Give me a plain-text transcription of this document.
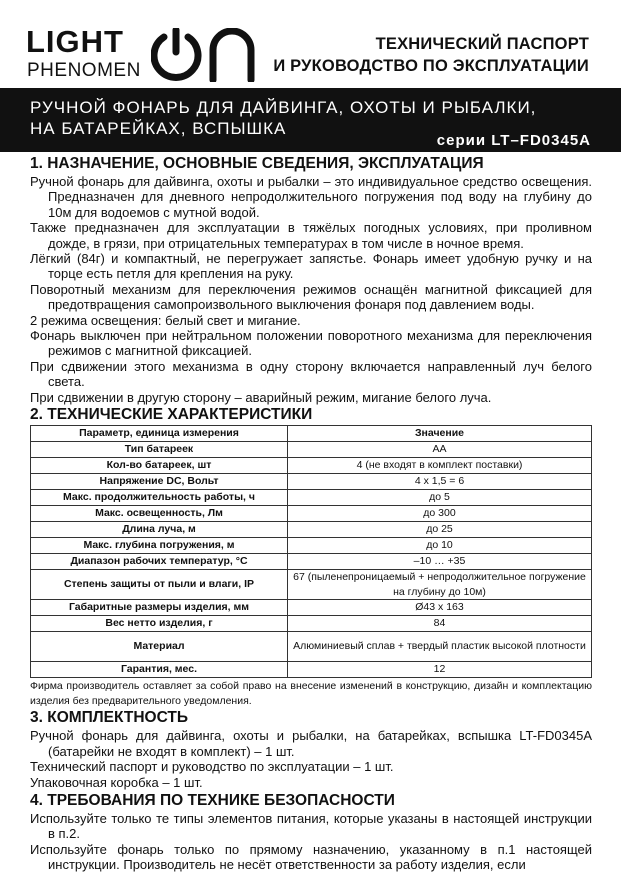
LIGHT
PHENOMEN
ТЕХНИЧЕСКИЙ ПАСПОРТ
И РУКОВОДСТВО ПО ЭКСПЛУАТАЦИИ
РУЧНОЙ ФОНАРЬ ДЛЯ ДАЙВИНГА, ОХОТЫ И РЫБАЛКИ,
НА БАТАРЕЙКАХ, ВСПЫШКА
серии LT–FD0345A
1. НАЗНАЧЕНИЕ, ОСНОВНЫЕ СВЕДЕНИЯ, ЭКСПЛУАТАЦИЯ

Ручной фонарь для дайвинга, охоты и рыбалки – это индивидуальное средство освещения. Предназначен для дневного непродолжительного погружения под воду на глубину до 10м для водоемов с мутной водой.

Также предназначен для эксплуатации в тяжёлых погодных условиях, при проливном дожде, в грязи, при отрицательных температурах в том числе в ночное время.

Лёгкий (84г) и компактный, не перегружает запястье. Фонарь имеет удобную ручку и на торце есть петля для крепления на руку.

Поворотный механизм для переключения режимов оснащён магнитной фиксацией для предотвращения самопроизвольного выключения фонаря под давлением воды.

2 режима освещения: белый свет и мигание.

Фонарь выключен при нейтральном положении поворотного механизма для переключения режимов с магнитной фиксацией.

При сдвижении этого механизма в одну сторону включается направленный луч белого света.

При сдвижении в другую сторону – аварийный режим, мигание белого луча.

2. ТЕХНИЧЕСКИЕ ХАРАКТЕРИСТИКИ
Параметр, единица измерения	Значение
Тип батареек	AA
Кол-во батареек, шт	4 (не входят в комплект поставки)
Напряжение DC, Вольт	4 х 1,5 = 6
Макс. продолжительность работы, ч	до 5
Макс. освещенность, Лм	до 300
Длина луча, м	до 25
Макс. глубина погружения, м	до 10
Диапазон рабочих температур, °C	–10 … +35
Степень защиты от пыли и влаги, IP	67 (пыленепроницаемый + непродолжительное погружение на глубину до 10м)
Габаритные размеры изделия, мм	Ø43 x 163
Вес нетто изделия, г	84
Материал	Алюминиевый сплав + твердый пластик высокой плотности
Гарантия, мес.	12

Фирма производитель оставляет за собой право на внесение изменений в конструкцию, дизайн и комплектацию изделия без предварительного уведомления.

3. КОМПЛЕКТНОСТЬ

Ручной фонарь для дайвинга, охоты и рыбалки, на батарейках, вспышка LT-FD0345A (батарейки не входят в комплект) – 1 шт.

Технический паспорт и руководство по эксплуатации – 1 шт.

Упаковочная коробка – 1 шт.

4. ТРЕБОВАНИЯ ПО ТЕХНИКЕ БЕЗОПАСНОСТИ

Используйте только те типы элементов питания, которые указаны в настоящей инструкции в п.2.

Используйте фонарь только по прямому назначению, указанному в п.1 настоящей инструкции. Производитель не несёт ответственности за работу изделия, если
